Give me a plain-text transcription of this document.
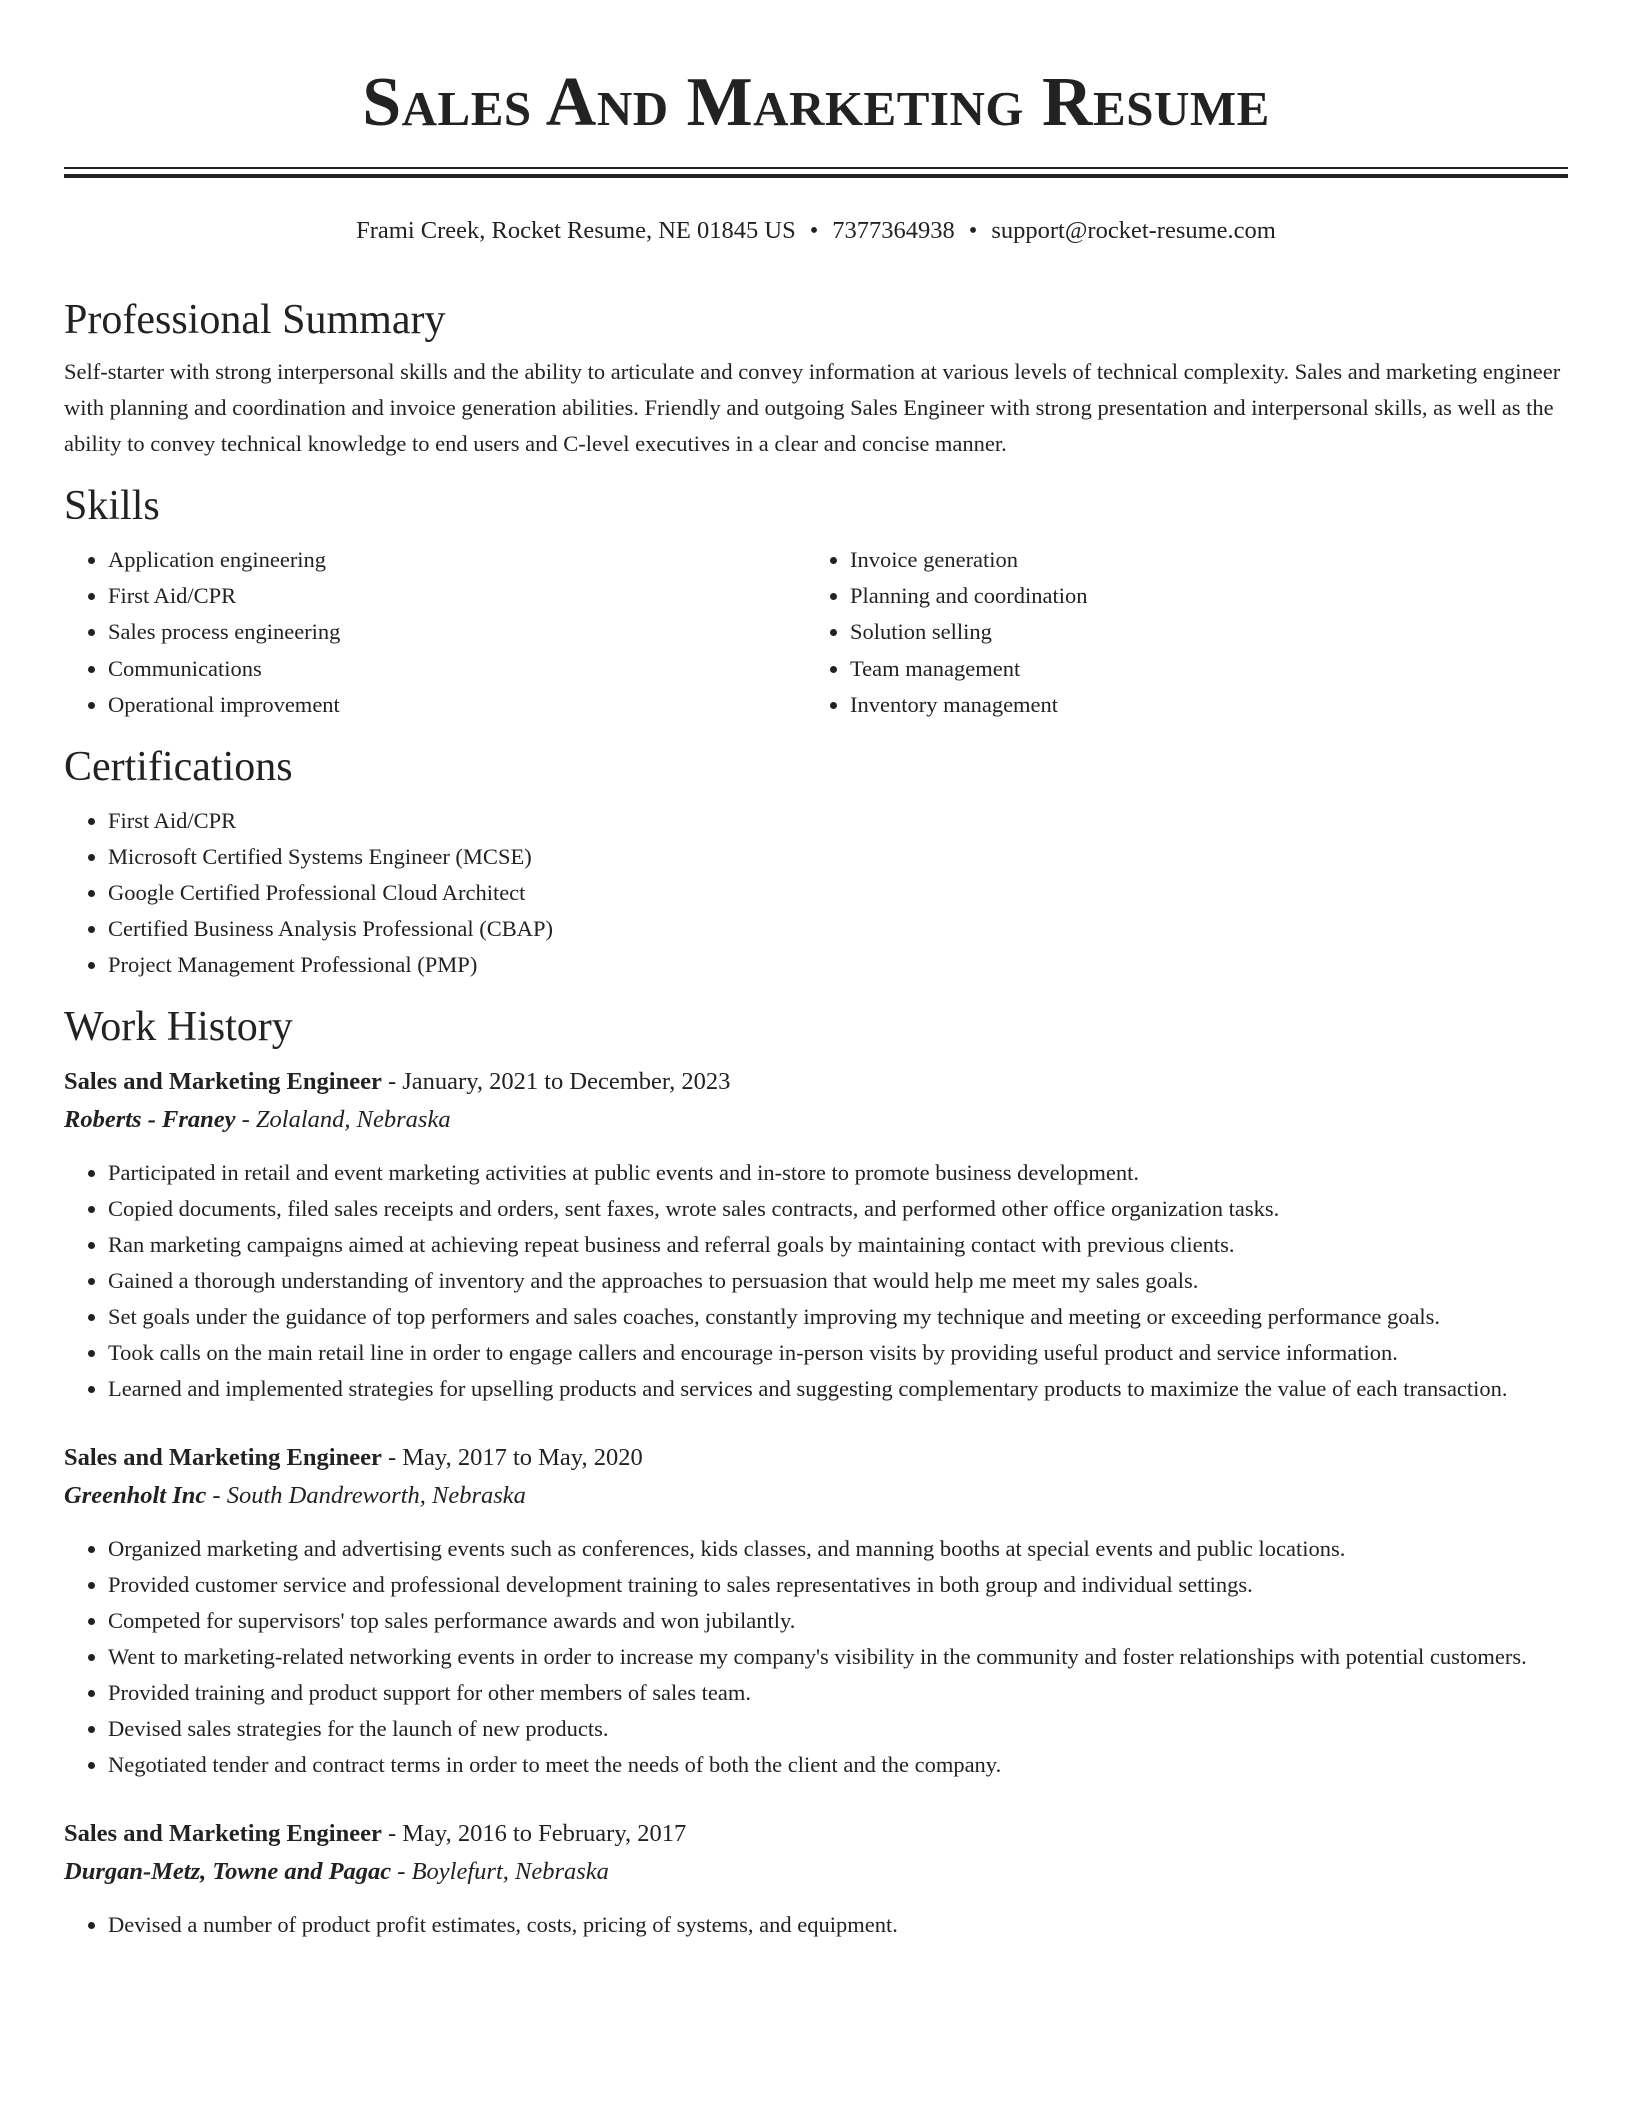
Sales And Marketing Resume
Frami Creek, Rocket Resume, NE 01845 US • 7377364938 • support@rocket-resume.com
Professional Summary

Self-starter with strong interpersonal skills and the ability to articulate and convey information at various levels of technical complexity. Sales and marketing engineer with planning and coordination and invoice generation abilities. Friendly and outgoing Sales Engineer with strong presentation and interpersonal skills, as well as the ability to convey technical knowledge to end users and C-level executives in a clear and concise manner.

Skills
• Application engineering
• First Aid/CPR
• Sales process engineering
• Communications
• Operational improvement
• Invoice generation
• Planning and coordination
• Solution selling
• Team management
• Inventory management
Certifications
• First Aid/CPR
• Microsoft Certified Systems Engineer (MCSE)
• Google Certified Professional Cloud Architect
• Certified Business Analysis Professional (CBAP)
• Project Management Professional (PMP)
Work History

Sales and Marketing Engineer - January, 2021 to December, 2023

Roberts - Franey - Zolaland, Nebraska

• Participated in retail and event marketing activities at public events and in-store to promote business development.
• Copied documents, filed sales receipts and orders, sent faxes, wrote sales contracts, and performed other office organization tasks.
• Ran marketing campaigns aimed at achieving repeat business and referral goals by maintaining contact with previous clients.
• Gained a thorough understanding of inventory and the approaches to persuasion that would help me meet my sales goals.
• Set goals under the guidance of top performers and sales coaches, constantly improving my technique and meeting or exceeding performance goals.
• Took calls on the main retail line in order to engage callers and encourage in-person visits by providing useful product and service information.
• Learned and implemented strategies for upselling products and services and suggesting complementary products to maximize the value of each transaction.

Sales and Marketing Engineer - May, 2017 to May, 2020

Greenholt Inc - South Dandreworth, Nebraska

• Organized marketing and advertising events such as conferences, kids classes, and manning booths at special events and public locations.
• Provided customer service and professional development training to sales representatives in both group and individual settings.
• Competed for supervisors' top sales performance awards and won jubilantly.
• Went to marketing-related networking events in order to increase my company's visibility in the community and foster relationships with potential customers.
• Provided training and product support for other members of sales team.
• Devised sales strategies for the launch of new products.
• Negotiated tender and contract terms in order to meet the needs of both the client and the company.

Sales and Marketing Engineer - May, 2016 to February, 2017

Durgan-Metz, Towne and Pagac - Boylefurt, Nebraska

• Devised a number of product profit estimates, costs, pricing of systems, and equipment.
